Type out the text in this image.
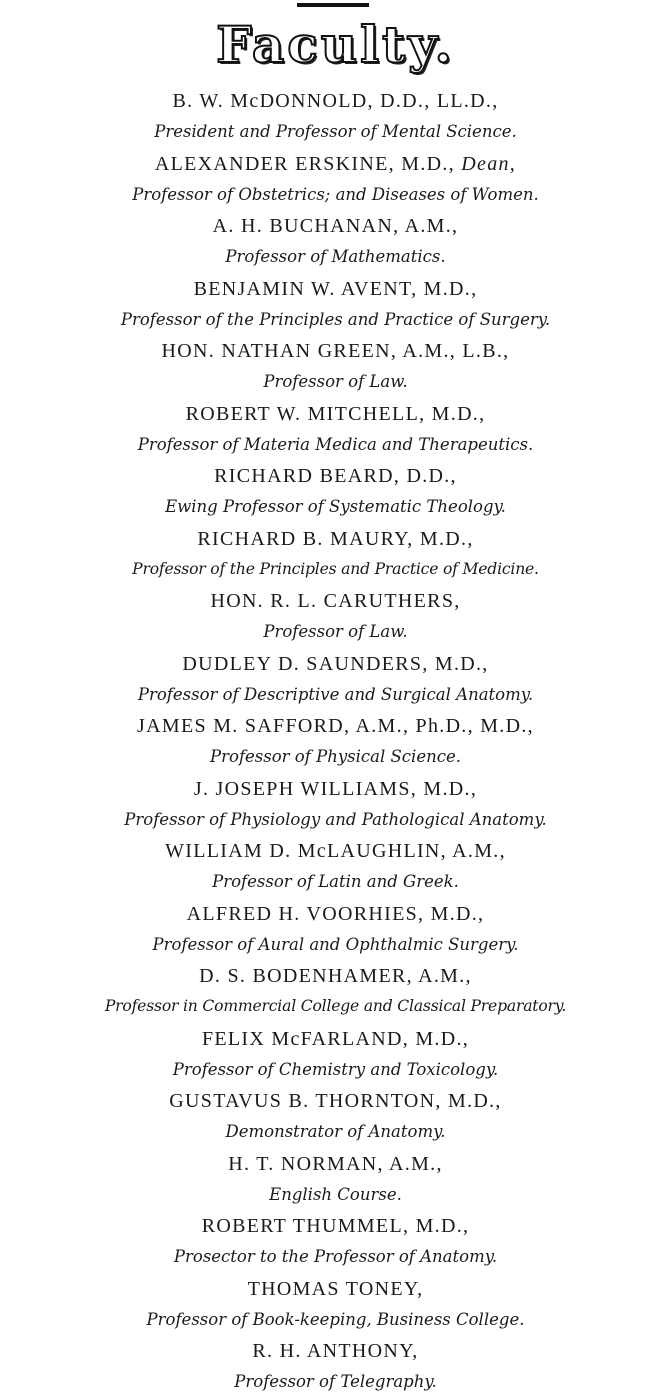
Faculty.
B. W. McDONNOLD, D.D., LL.D.,
President and Professor of Mental Science.
ALEXANDER ERSKINE, M.D., Dean,
Professor of Obstetrics; and Diseases of Women.
A. H. BUCHANAN, A.M.,
Professor of Mathematics.
BENJAMIN W. AVENT, M.D.,
Professor of the Principles and Practice of Surgery.
HON. NATHAN GREEN, A.M., L.B.,
Professor of Law.
ROBERT W. MITCHELL, M.D.,
Professor of Materia Medica and Therapeutics.
RICHARD BEARD, D.D.,
Ewing Professor of Systematic Theology.
RICHARD B. MAURY, M.D.,
Professor of the Principles and Practice of Medicine.
HON. R. L. CARUTHERS,
Professor of Law.
DUDLEY D. SAUNDERS, M.D.,
Professor of Descriptive and Surgical Anatomy.
JAMES M. SAFFORD, A.M., Ph.D., M.D.,
Professor of Physical Science.
J. JOSEPH WILLIAMS, M.D.,
Professor of Physiology and Pathological Anatomy.
WILLIAM D. McLAUGHLIN, A.M.,
Professor of Latin and Greek.
ALFRED H. VOORHIES, M.D.,
Professor of Aural and Ophthalmic Surgery.
D. S. BODENHAMER, A.M.,
Professor in Commercial College and Classical Preparatory.
FELIX McFARLAND, M.D.,
Professor of Chemistry and Toxicology.
GUSTAVUS B. THORNTON, M.D.,
Demonstrator of Anatomy.
H. T. NORMAN, A.M.,
English Course.
ROBERT THUMMEL, M.D.,
Prosector to the Professor of Anatomy.
THOMAS TONEY,
Professor of Book-keeping, Business College.
R. H. ANTHONY,
Professor of Telegraphy.
